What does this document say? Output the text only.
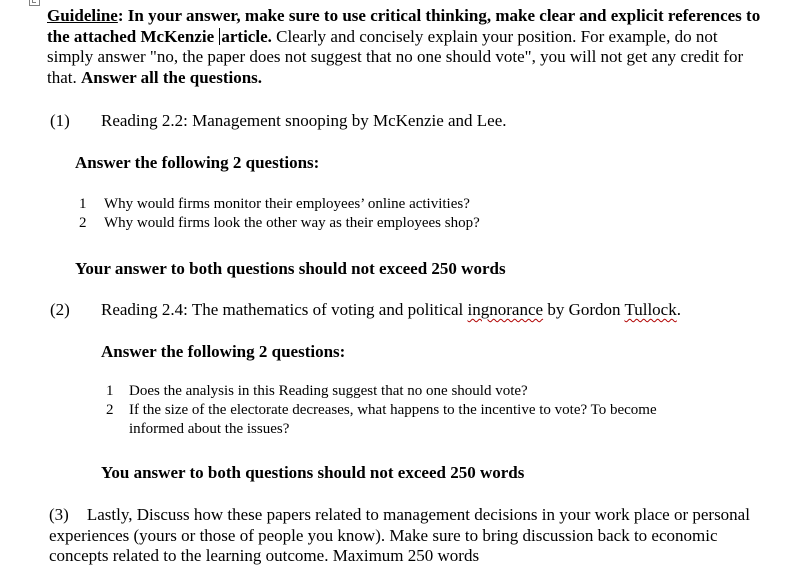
Guideline: In your answer, make sure to use critical thinking, make clear and explicit references to the attached McKenzie article. Clearly and concisely explain your position. For example, do not simply answer "no, the paper does not suggest that no one should vote", you will not get any credit for that. Answer all the questions.
(1) Reading 2.2: Management snooping by McKenzie and Lee.
Answer the following 2 questions:
1 Why would firms monitor their employees’ online activities?
2 Why would firms look the other way as their employees shop?
Your answer to both questions should not exceed 250 words
(2) Reading 2.4: The mathematics of voting and political ingnorance by Gordon Tullock.
Answer the following 2 questions:
1 Does the analysis in this Reading suggest that no one should vote?
2 If the size of the electorate decreases, what happens to the incentive to vote? To become
informed about the issues?
You answer to both questions should not exceed 250 words
(3) Lastly, Discuss how these papers related to management decisions in your work place or personal experiences (yours or those of people you know). Make sure to bring discussion back to economic concepts related to the learning outcome. Maximum 250 words
